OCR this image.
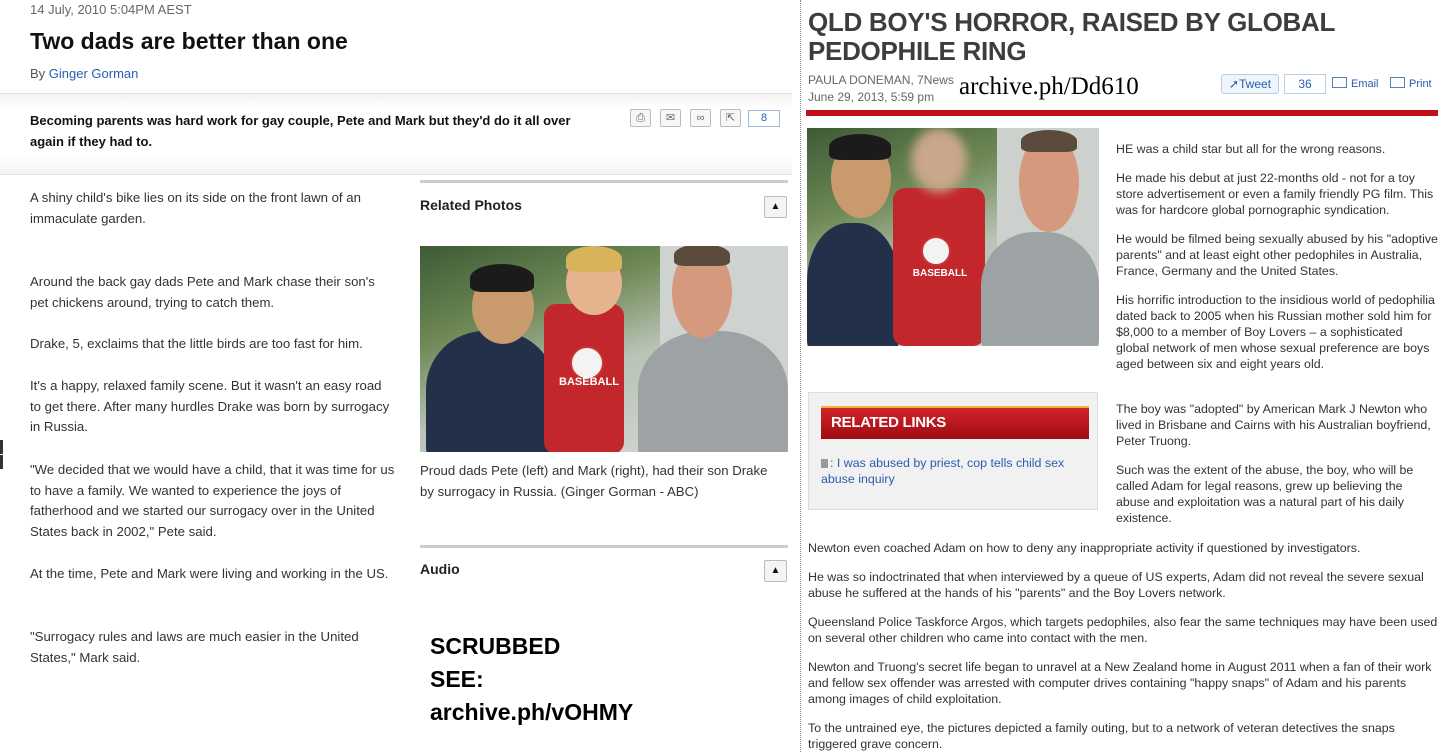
14 July, 2010 5:04PM AEST
Two dads are better than one
By Ginger Gorman
Becoming parents was hard work for gay couple, Pete and Mark but they'd do it all over again if they had to.
⎙	✉	∞	⇱	8

A shiny child's bike lies on its side on the front lawn of an immaculate garden.

Around the back gay dads Pete and Mark chase their son's pet chickens around, trying to catch them.

Drake, 5, exclaims that the little birds are too fast for him.

It's a happy, relaxed family scene. But it wasn't an easy road to get there. After many hurdles Drake was born by surrogacy in Russia.

"We decided that we would have a child, that it was time for us to have a family. We wanted to experience the joys of fatherhood and we started our surrogacy over in the United States back in 2002," Pete said.

At the time, Pete and Mark were living and working in the US.

"Surrogacy rules and laws are much easier in the United States," Mark said.

Related Photos	▲
BASEBALL
Proud dads Pete (left) and Mark (right), had their son Drake by surrogacy in Russia. (Ginger Gorman - ABC)
Audio	▲
SCRUBBED
SEE:
archive.ph/vOHMY
QLD BOY'S HORROR, RAISED BY GLOBAL PEDOPHILE RING
PAULA DONEMAN, 7News
June 29, 2013, 5:59 pm archive.ph/Dd610	➚Tweet	36	Email	Print
BASEBALL

HE was a child star but all for the wrong reasons.

He made his debut at just 22-months old - not for a toy store advertisement or even a family friendly PG film. This was for hardcore global pornographic syndication.

He would be filmed being sexually abused by his "adoptive parents" and at least eight other pedophiles in Australia, France, Germany and the United States.

His horrific introduction to the insidious world of pedophilia dated back to 2005 when his Russian mother sold him for $8,000 to a member of Boy Lovers – a sophisticated global network of men whose sexual preference are boys aged between six and eight years old.

The boy was "adopted" by American Mark J Newton who lived in Brisbane and Cairns with his Australian boyfriend, Peter Truong.

Such was the extent of the abuse, the boy, who will be called Adam for legal reasons, grew up believing the abuse and exploitation was a natural part of his daily existence.

RELATED LINKS
: I was abused by priest, cop tells child sex abuse inquiry

Newton even coached Adam on how to deny any inappropriate activity if questioned by investigators.

He was so indoctrinated that when interviewed by a queue of US experts, Adam did not reveal the severe sexual abuse he suffered at the hands of his "parents" and the Boy Lovers network.

Queensland Police Taskforce Argos, which targets pedophiles, also fear the same techniques may have been used on several other children who came into contact with the men.

Newton and Truong's secret life began to unravel at a New Zealand home in August 2011 when a fan of their work and fellow sex offender was arrested with computer drives containing "happy snaps" of Adam and his parents among images of child exploitation.

To the untrained eye, the pictures depicted a family outing, but to a network of veteran detectives the snaps triggered grave concern.
